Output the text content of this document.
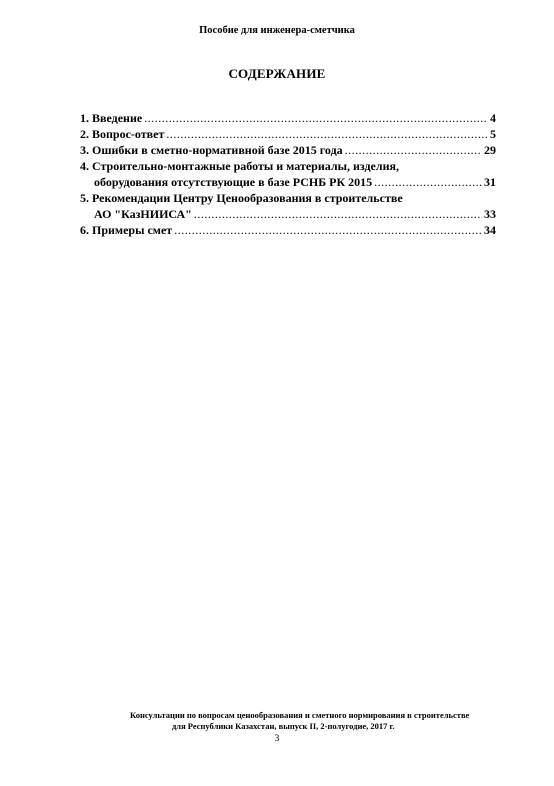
Пособие для инженера-сметчика
СОДЕРЖАНИЕ
1. Введение .....	4
2. Вопрос-ответ .....	5
3. Ошибки в сметно-нормативной базе 2015 года .....	29
4. Строительно-монтажные работы и материалы, изделия,
оборудования отсутствующие в базе РСНБ РК 2015 .....	31
5. Рекомендации Центру Ценообразования в строительстве
АО "КазНИИСА" .....	33
6. Примеры смет .....	34
Консультации по вопросам ценообразования и сметного нормирования в строительстве
для Республики Казахстан, выпуск II, 2-полугодие, 2017 г.
3
